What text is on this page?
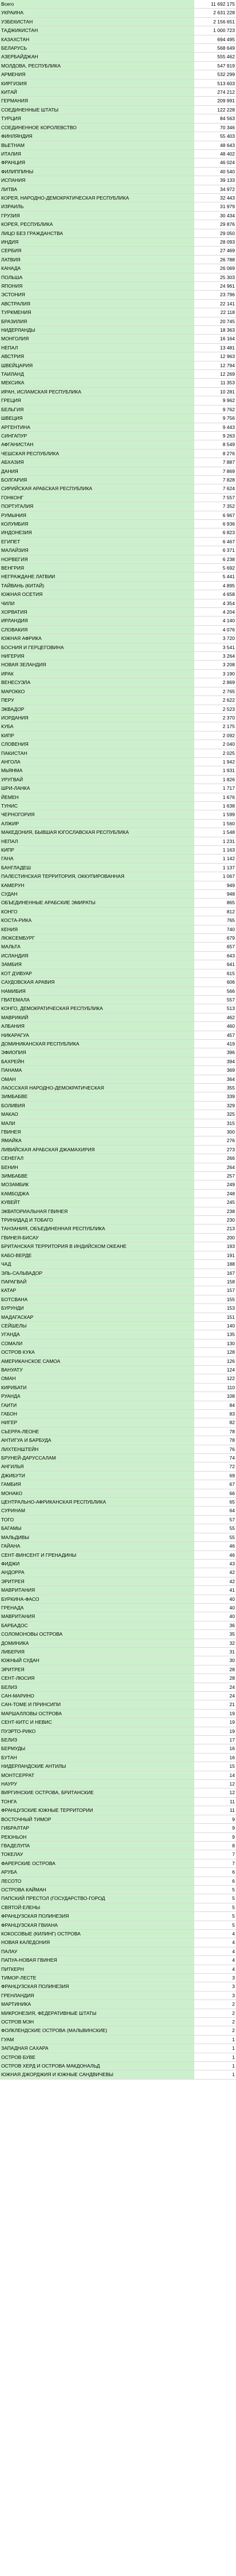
Всего	11 692 175
УКРАИНА	2 631 228
УЗБЕКИСТАН	2 156 651
ТАДЖИКИСТАН	1 000 723
КАЗАХСТАН	694 495
БЕЛАРУСЬ	568 649
АЗЕРБАЙДЖАН	555 462
МОЛДОВА, РЕСПУБЛИКА	547 919
АРМЕНИЯ	532 299
КИРГИЗИЯ	513 603
КИТАЙ	274 212
ГЕРМАНИЯ	209 991
СОЕДИНЕННЫЕ ШТАТЫ	122 228
ТУРЦИЯ	84 563
СОЕДИНЕННОЕ КОРОЛЕВСТВО	70 346
ФИНЛЯНДИЯ	55 403
ВЬЕТНАМ	48 643
ИТАЛИЯ	48 402
ФРАНЦИЯ	46 024
ФИЛИППИНЫ	40 540
ИСПАНИЯ	39 133
ЛИТВА	34 972
КОРЕЯ, НАРОДНО-ДЕМОКРАТИЧЕСКАЯ РЕСПУБЛИКА	32 443
ИЗРАИЛЬ	31 979
ГРУЗИЯ	30 434
КОРЕЯ, РЕСПУБЛИКА	29 876
ЛИЦО БЕЗ ГРАЖДАНСТВА	29 050
ИНДИЯ	28 093
СЕРБИЯ	27 469
ЛАТВИЯ	26 788
КАНАДА	26 069
ПОЛЬША	25 303
ЯПОНИЯ	24 961
ЭСТОНИЯ	23 796
АВСТРАЛИЯ	22 141
ТУРКМЕНИЯ	22 118
БРАЗИЛИЯ	20 745
НИДЕРЛАНДЫ	18 363
МОНГОЛИЯ	16 164
НЕПАЛ	13 481
АВСТРИЯ	12 963
ШВЕЙЦАРИЯ	12 794
ТАИЛАНД	12 269
МЕКСИКА	11 353
ИРАН, ИСЛАМСКАЯ РЕСПУБЛИКА	10 281
ГРЕЦИЯ	9 962
БЕЛЬГИЯ	9 762
ШВЕЦИЯ	9 756
АРГЕНТИНА	9 443
СИНГАПУР	9 263
АФГАНИСТАН	8 549
ЧЕШСКАЯ РЕСПУБЛИКА	8 276
АБХАЗИЯ	7 887
ДАНИЯ	7 869
БОЛГАРИЯ	7 828
СИРИЙСКАЯ АРАБСКАЯ РЕСПУБЛИКА	7 624
ГОНКОНГ	7 557
ПОРТУГАЛИЯ	7 352
РУМЫНИЯ	6 967
КОЛУМБИЯ	6 936
ИНДОНЕЗИЯ	6 823
ЕГИПЕТ	6 467
МАЛАЙЗИЯ	6 371
НОРВЕГИЯ	6 238
ВЕНГРИЯ	5 692
НЕГРАЖДАНЕ ЛАТВИИ	5 441
ТАЙВАНЬ (КИТАЙ)	4 895
ЮЖНАЯ ОСЕТИЯ	4 658
ЧИЛИ	4 354
ХОРВАТИЯ	4 204
ИРЛАНДИЯ	4 140
СЛОВАКИЯ	4 076
ЮЖНАЯ АФРИКА	3 720
БОСНИЯ И ГЕРЦЕГОВИНА	3 541
НИГЕРИЯ	3 264
НОВАЯ ЗЕЛАНДИЯ	3 208
ИРАК	3 190
ВЕНЕСУЭЛА	2 869
МАРОККО	2 765
ПЕРУ	2 622
ЭКВАДОР	2 523
ИОРДАНИЯ	2 370
КУБА	2 175
КИПР	2 092
СЛОВЕНИЯ	2 040
ПАКИСТАН	2 025
АНГОЛА	1 942
МЬЯНМА	1 931
УРУГВАЙ	1 826
ШРИ-ЛАНКА	1 717
ЙЕМЕН	1 676
ТУНИС	1 638
ЧЕРНОГОРИЯ	1 599
АЛЖИР	1 560
МАКЕДОНИЯ, БЫВШАЯ ЮГОСЛАВСКАЯ РЕСПУБЛИКА	1 548
НЕПАЛ	1 231
КИПР	1 163
ГАНА	1 142
БАНГЛАДЕШ	1 137
ПАЛЕСТИНСКАЯ ТЕРРИТОРИЯ, ОККУПИРОВАННАЯ	1 067
КАМЕРУН	949
СУДАН	948
ОБЪЕДИНЕННЫЕ АРАБСКИЕ ЭМИРАТЫ	865
КОНГО	812
КОСТА-РИКА	765
КЕНИЯ	740
ЛЮКСЕМБУРГ	679
МАЛЬТА	657
ИСЛАНДИЯ	643
ЗАМБИЯ	641
КОТ Д'ИВУАР	615
САУДОВСКАЯ АРАВИЯ	606
НАМИБИЯ	566
ГВАТЕМАЛА	557
КОНГО, ДЕМОКРАТИЧЕСКАЯ РЕСПУБЛИКА	513
МАВРИКИЙ	462
АЛБАНИЯ	460
НИКАРАГУА	457
ДОМИНИКАНСКАЯ РЕСПУБЛИКА	419
ЭФИОПИЯ	396
БАХРЕЙН	394
ПАНАМА	369
ОМАН	364
ЛАОССКАЯ НАРОДНО-ДЕМОКРАТИЧЕСКАЯ	355
ЗИМБАБВЕ	339
БОЛИВИЯ	329
МАКАО	325
МАЛИ	315
ГВИНЕЯ	300
ЯМАЙКА	276
ЛИВИЙСКАЯ АРАБСКАЯ ДЖАМАХИРИЯ	273
СЕНЕГАЛ	266
БЕНИН	264
ЗИМБАБВЕ	257
МОЗАМБИК	249
КАМБОДЖА	248
КУВЕЙТ	245
ЭКВАТОРИАЛЬНАЯ ГВИНЕЯ	238
ТРИНИДАД И ТОБАГО	230
ТАНЗАНИЯ, ОБЪЕДИНЕННАЯ РЕСПУБЛИКА	213
ГВИНЕЯ-БИСАУ	200
БРИТАНСКАЯ ТЕРРИТОРИЯ В ИНДИЙСКОМ ОКЕАНЕ	193
КАБО-ВЕРДЕ	191
ЧАД	188
ЭЛЬ-САЛЬВАДОР	167
ПАРАГВАЙ	158
КАТАР	157
БОТСВАНА	155
БУРУНДИ	153
МАДАГАСКАР	151
СЕЙШЕЛЫ	140
УГАНДА	135
СОМАЛИ	130
ОСТРОВ КУКА	128
АМЕРИКАНСКОЕ САМОА	126
ВАНУАТУ	124
ОМАН	122
КИРИБАТИ	110
РУАНДА	108
ГАИТИ	84
ГАБОН	83
НИГЕР	82
СЬЕРРА-ЛЕОНЕ	78
АНТИГУА И БАРБУДА	78
ЛИХТЕНШТЕЙН	76
БРУНЕЙ-ДАРУССАЛАМ	74
АНГИЛЬЯ	72
ДЖИБУТИ	69
ГАМБИЯ	67
МОНАКО	66
ЦЕНТРАЛЬНО-АФРИКАНСКАЯ РЕСПУБЛИКА	65
СУРИНАМ	64
ТОГО	57
БАГАМЫ	55
МАЛЬДИВЫ	55
ГАЙАНА	46
СЕНТ-ВИНСЕНТ И ГРЕНАДИНЫ	46
ФИДЖИ	43
АНДОРРА	42
ЭРИТРЕЯ	42
МАВРИТАНИЯ	41
БУРКИНА-ФАСО	40
ГРЕНАДА	40
МАВРИТАНИЯ	40
БАРБАДОС	36
СОЛОМОНОВЫ ОСТРОВА	35
ДОМИНИКА	32
ЛИБЕРИЯ	31
ЮЖНЫЙ СУДАН	30
ЭРИТРЕЯ	28
СЕНТ-ЛЮСИЯ	28
БЕЛИЗ	24
САН-МАРИНО	24
САН-ТОМЕ И ПРИНСИПИ	21
МАРШАЛЛОВЫ ОСТРОВА	19
СЕНТ-КИТС И НЕВИС	19
ПУЭРТО-РИКО	19
БЕЛИЗ	17
БЕРМУДЫ	16
БУТАН	16
НИДЕРЛАНДСКИЕ АНТИЛЫ	15
МОНТСЕРРАТ	14
НАУРУ	12
ВИРГИНСКИЕ ОСТРОВА, БРИТАНСКИЕ	12
ТОНГА	11
ФРАНЦУЗСКИЕ ЮЖНЫЕ ТЕРРИТОРИИ	11
ВОСТОЧНЫЙ ТИМОР	9
ГИБРАЛТАР	9
РЕЮНЬОН	9
ГВАДЕЛУПА	8
ТОКЕЛАУ	7
ФАРЕРСКИЕ ОСТРОВА	7
АРУБА	6
ЛЕСОТО	6
ОСТРОВА КАЙМАН	5
ПАПСКИЙ ПРЕСТОЛ (ГОСУДАРСТВО-ГОРОД	5
СВЯТОЙ ЕЛЕНЫ	5
ФРАНЦУЗСКАЯ ПОЛИНЕЗИЯ	5
ФРАНЦУЗСКАЯ ГВИАНА	5
КОКОСОВЫЕ (КИЛИНГ) ОСТРОВА	4
НОВАЯ КАЛЕДОНИЯ	4
ПАЛАУ	4
ПАПУА-НОВАЯ ГВИНЕЯ	4
ПИТКЕРН	4
ТИМОР-ЛЕСТЕ	3
ФРАНЦУЗСКАЯ ПОЛИНЕЗИЯ	3
ГРЕНЛАНДИЯ	3
МАРТИНИКА	2
МИКРОНЕЗИЯ, ФЕДЕРАТИВНЫЕ ШТАТЫ	2
ОСТРОВ МЭН	2
ФОЛКЛЕНДСКИЕ ОСТРОВА (МАЛЬВИНСКИЕ)	2
ГУАМ	1
ЗАПАДНАЯ САХАРА	1
ОСТРОВ БУВЕ	1
ОСТРОВ ХЕРД И ОСТРОВА МАКДОНАЛЬД	1
ЮЖНАЯ ДЖОРДЖИЯ И ЮЖНЫЕ САНДВИЧЕВЫ	1
